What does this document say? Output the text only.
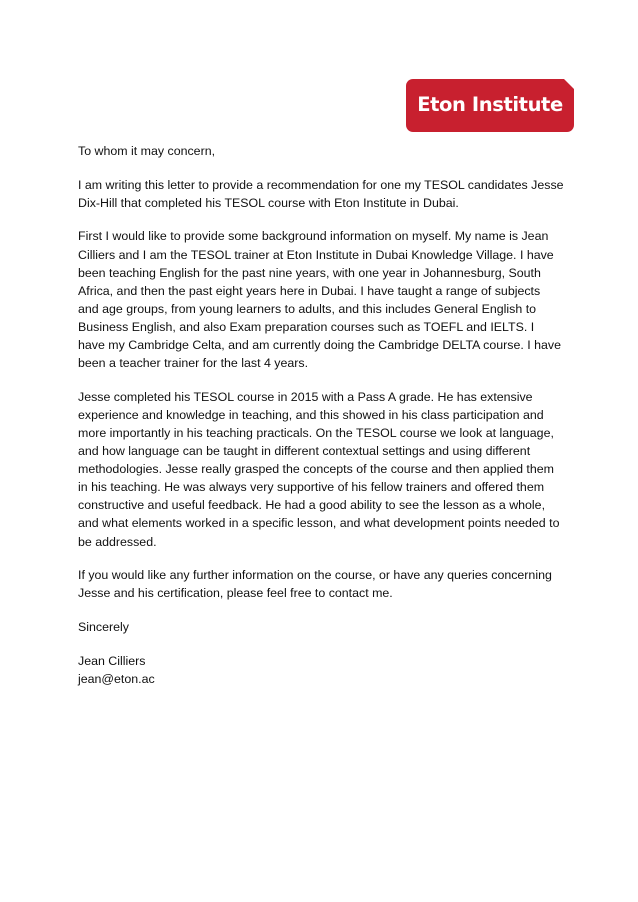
Eton Institute

To whom it may concern,

I am writing this letter to provide a recommendation for one my TESOL candidates Jesse Dix-Hill that completed his TESOL course with Eton Institute in Dubai.

First I would like to provide some background information on myself. My name is Jean Cilliers and I am the TESOL trainer at Eton Institute in Dubai Knowledge Village. I have been teaching English for the past nine years, with one year in Johannesburg, South Africa, and then the past eight years here in Dubai. I have taught a range of subjects and age groups, from young learners to adults, and this includes General English to Business English, and also Exam preparation courses such as TOEFL and IELTS. I have my Cambridge Celta, and am currently doing the Cambridge DELTA course. I have been a teacher trainer for the last 4 years.

Jesse completed his TESOL course in 2015 with a Pass A grade. He has extensive experience and knowledge in teaching, and this showed in his class participation and more importantly in his teaching practicals. On the TESOL course we look at language, and how language can be taught in different contextual settings and using different methodologies. Jesse really grasped the concepts of the course and then applied them in his teaching. He was always very supportive of his fellow trainers and offered them constructive and useful feedback. He had a good ability to see the lesson as a whole, and what elements worked in a specific lesson, and what development points needed to be addressed.

If you would like any further information on the course, or have any queries concerning Jesse and his certification, please feel free to contact me.

Sincerely

Jean Cilliers

jean@eton.ac
